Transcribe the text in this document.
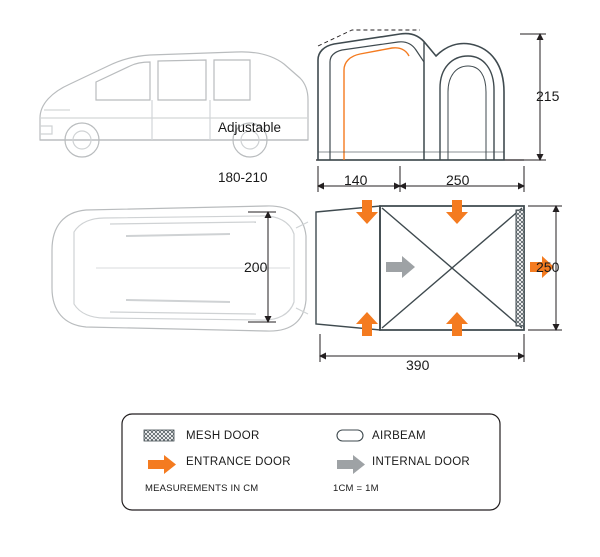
Adjustable

180-210

215
140	250
200	250
390
MESH DOOR	AIRBEAM
ENTRANCE DOOR	INTERNAL DOOR
MEASUREMENTS IN CM	1CM = 1M
